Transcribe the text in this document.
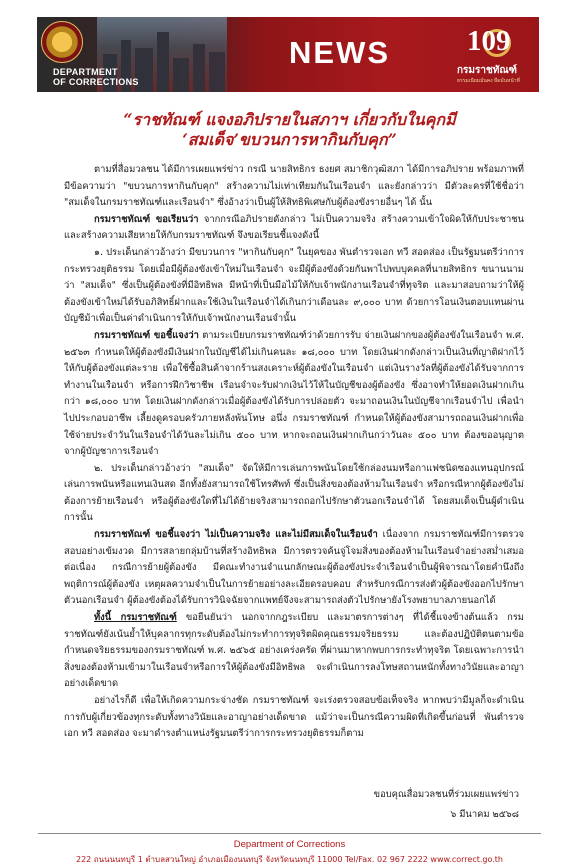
DEPARTMENT
OF CORRECTIONS
NEWS	109
กรมราชทัณฑ์
ธรรมเนียมมั่นคง ยึดมั่นหน้าที่
“ราชทัณฑ์ แจงอภิปรายในสภาฯ เกี่ยวกับในคุกมี
‘สมเด็จ’ขบวนการหากินกับคุก”

ตามที่สื่อมวลชน ได้มีการเผยแพร่ข่าว กรณี นายสิทธิกร ธงยศ สมาชิกวุฒิสภา ได้มีการอภิปราย พร้อมภาพที่มีข้อความว่า "ขบวนการหากินกับคุก" สร้างความไม่เท่าเทียมกันในเรือนจำ และยังกล่าวว่า มีตัวละครที่ใช้ชื่อว่า "สมเด็จในกรมราชทัณฑ์และเรือนจำ" ซึ่งอ้างว่าเป็นผู้ให้สิทธิพิเศษกับผู้ต้องขังรายอื่นๆ ได้ นั้น

กรมราชทัณฑ์ ขอเรียนว่า จากกรณีอภิปรายดังกล่าว ไม่เป็นความจริง สร้างความเข้าใจผิดให้กับประชาชน และสร้างความเสียหายให้กับกรมราชทัณฑ์ จึงขอเรียนชี้แจงดังนี้

๑. ประเด็นกล่าวอ้างว่า มีขบวนการ "หากินกับคุก" ในยุคของ พันตำรวจเอก ทวี สอดส่อง เป็นรัฐมนตรีว่าการกระทรวงยุติธรรม โดยเมื่อมีผู้ต้องขังเข้าใหม่ในเรือนจำ จะมีผู้ต้องขังด้วยกันพาไปพบบุคคลที่นายสิทธิกร ขนานนามว่า "สมเด็จ" ซึ่งเป็นผู้ต้องขังที่มีอิทธิพล มีหน้าที่เป็นมือไม้ให้กับเจ้าพนักงานเรือนจำที่ทุจริต และมาสอบถามว่าให้ผู้ต้องขังเข้าใหม่ได้รับอภิสิทธิ์ฝากและใช้เงินในเรือนจำได้เกินกว่าเดือนละ ๙,๐๐๐ บาท ด้วยการโอนเงินตอบแทนผ่านบัญชีม้าเพื่อเป็นค่าดำเนินการให้กับเจ้าพนักงานเรือนจำนั้น

กรมราชทัณฑ์ ขอชี้แจงว่า ตามระเบียบกรมราชทัณฑ์ว่าด้วยการรับ จ่ายเงินฝากของผู้ต้องขังในเรือนจำ พ.ศ. ๒๕๖๓ กำหนดให้ผู้ต้องขังมีเงินฝากในบัญชีได้ไม่เกินคนละ ๑๘,๐๐๐ บาท โดยเงินฝากดังกล่าวเป็นเงินที่ญาติฝากไว้ให้กับผู้ต้องขังแต่ละราย เพื่อใช้ซื้อสินค้าจากร้านสงเคราะห์ผู้ต้องขังในเรือนจำ แต่เงินรางวัลที่ผู้ต้องขังได้รับจากการทำงานในเรือนจำ หรือการฝึกวิชาชีพ เรือนจำจะรับฝากเงินไว้ให้ในบัญชีของผู้ต้องขัง ซึ่งอาจทำให้ยอดเงินฝากเกินกว่า ๑๘,๐๐๐ บาท โดยเงินฝากดังกล่าวเมื่อผู้ต้องขังได้รับการปล่อยตัว จะมาถอนเงินในบัญชีจากเรือนจำไป เพื่อนำไปประกอบอาชีพ เลี้ยงดูครอบครัวภายหลังพ้นโทษ อนึ่ง กรมราชทัณฑ์ กำหนดให้ผู้ต้องขังสามารถถอนเงินฝากเพื่อใช้จ่ายประจำวันในเรือนจำได้วันละไม่เกิน ๕๐๐ บาท หากจะถอนเงินฝากเกินกว่าวันละ ๕๐๐ บาท ต้องขออนุญาตจากผู้บัญชาการเรือนจำ

๒. ประเด็นกล่าวอ้างว่า "สมเด็จ" จัดให้มีการเล่นการพนันโดยใช้กล่องนมหรือกาแฟชนิดซองแทนอุปกรณ์เล่นการพนันหรือแทนเงินสด อีกทั้งยังสามารถใช้โทรศัพท์ ซึ่งเป็นสิ่งของต้องห้ามในเรือนจำ หรือกรณีหากผู้ต้องขังไม่ต้องการย้ายเรือนจำ หรือผู้ต้องขังใดที่ไม่ได้ย้ายจริงสามารถถอกไปรักษาตัวนอกเรือนจำได้ โดยสมเด็จเป็นผู้ดำเนินการนั้น

กรมราชทัณฑ์ ขอชี้แจงว่า ไม่เป็นความจริง และไม่มีสมเด็จในเรือนจำ เนื่องจาก กรมราชทัณฑ์มีการตรวจสอบอย่างเข้มงวด มีการสลายกลุ่มบ้านที่สร้างอิทธิพล มีการตรวจค้นจู่โจมสิ่งของต้องห้ามในเรือนจำอย่างสม่ำเสมอ ต่อเนื่อง กรณีการย้ายผู้ต้องขัง มีคณะทำงานจำแนกลักษณะผู้ต้องขังประจำเรือนจำเป็นผู้พิจารณาโดยคำนึงถึงพฤติการณ์ผู้ต้องขัง เหตุผลความจำเป็นในการย้ายอย่างละเอียดรอบคอบ สำหรับกรณีการส่งตัวผู้ต้องขังออกไปรักษาตัวนอกเรือนจำ ผู้ต้องขังต้องได้รับการวินิจฉัยจากแพทย์จึงจะสามารถส่งตัวไปรักษายังโรงพยาบาลภายนอกได้

ทั้งนี้ กรมราชทัณฑ์ ขอยืนยันว่า นอกจากกฎระเบียบ และมาตรการต่างๆ ที่ได้ชี้แจงข้างต้นแล้ว กรมราชทัณฑ์ยังเน้นย้ำให้บุคลากรทุกระดับต้องไม่กระทำการทุจริตผิดคุณธรรมจริยธรรม และต้องปฏิบัติตนตามข้อกำหนดจริยธรรมของกรมราชทัณฑ์ พ.ศ. ๒๕๖๕ อย่างเคร่งครัด ที่ผ่านมาหากพบการกระทำทุจริต โดยเฉพาะการนำสิ่งของต้องห้ามเข้ามาในเรือนจำหรือการให้ผู้ต้องขังมีอิทธิพล จะดำเนินการลงโทษสถานหนักทั้งทางวินัยและอาญาอย่างเด็ดขาด

อย่างไรก็ดี เพื่อให้เกิดความกระจ่างชัด กรมราชทัณฑ์ จะเร่งตรวจสอบข้อเท็จจริง หากพบว่ามีมูลก็จะดำเนินการกับผู้เกี่ยวข้องทุกระดับทั้งทางวินัยและอาญาอย่างเด็ดขาด แม้ว่าจะเป็นกรณีความผิดที่เกิดขึ้นก่อนที่ พันตำรวจเอก ทวี สอดส่อง จะมาดำรงตำแหน่งรัฐมนตรีว่าการกระทรวงยุติธรรมก็ตาม

ขอบคุณสื่อมวลชนที่ร่วมเผยแพร่ข่าว
๖ มีนาคม ๒๕๖๘
Department of Corrections
222 ถนนนนทบุรี 1 ตำบลสวนใหญ่ อำเภอเมืองนนทบุรี จังหวัดนนทบุรี 11000 Tel/Fax. 02 967 2222 www.correct.go.th
